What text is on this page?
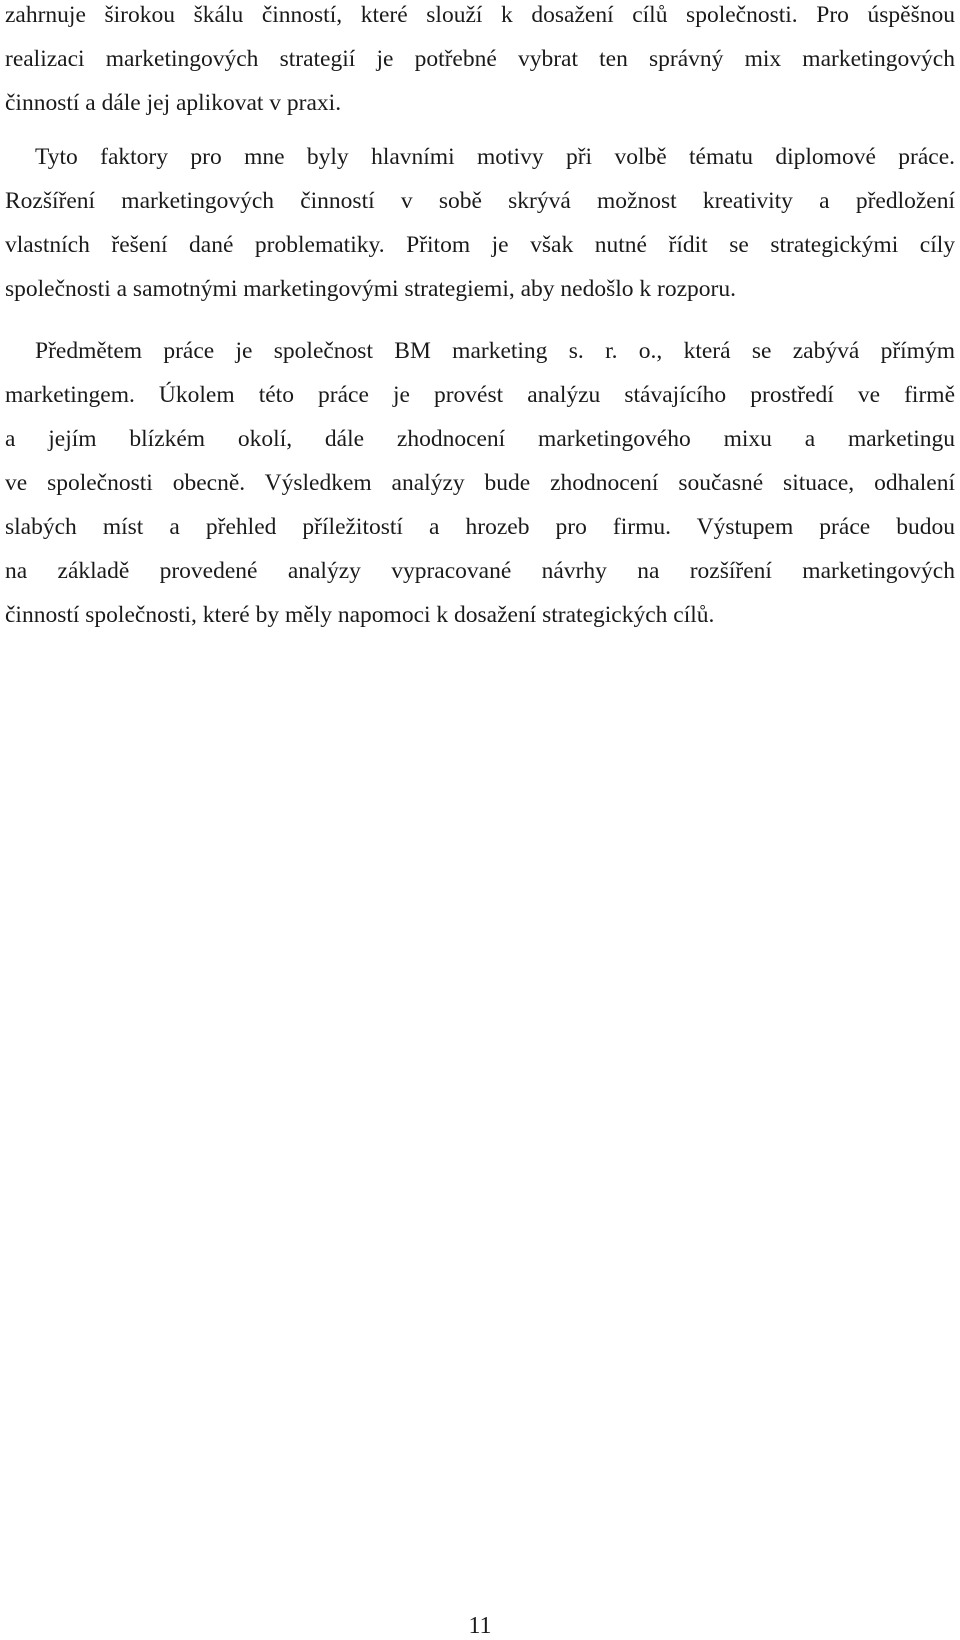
zahrnuje širokou škálu činností, které slouží k dosažení cílů společnosti. Pro úspěšnou
realizaci marketingových strategií je potřebné vybrat ten správný mix marketingových
činností a dále jej aplikovat v praxi.
Tyto faktory pro mne byly hlavními motivy při volbě tématu diplomové práce.
Rozšíření marketingových činností v sobě skrývá možnost kreativity a předložení
vlastních řešení dané problematiky. Přitom je však nutné řídit se strategickými cíly
společnosti a samotnými marketingovými strategiemi, aby nedošlo k rozporu.
Předmětem práce je společnost BM marketing s. r. o., která se zabývá přímým
marketingem. Úkolem této práce je provést analýzu stávajícího prostředí ve firmě
a jejím blízkém okolí, dále zhodnocení marketingového mixu a marketingu
ve společnosti obecně. Výsledkem analýzy bude zhodnocení současné situace, odhalení
slabých míst a přehled příležitostí a hrozeb pro firmu. Výstupem práce budou
na základě provedené analýzy vypracované návrhy na rozšíření marketingových
činností společnosti, které by měly napomoci k dosažení strategických cílů.
11
